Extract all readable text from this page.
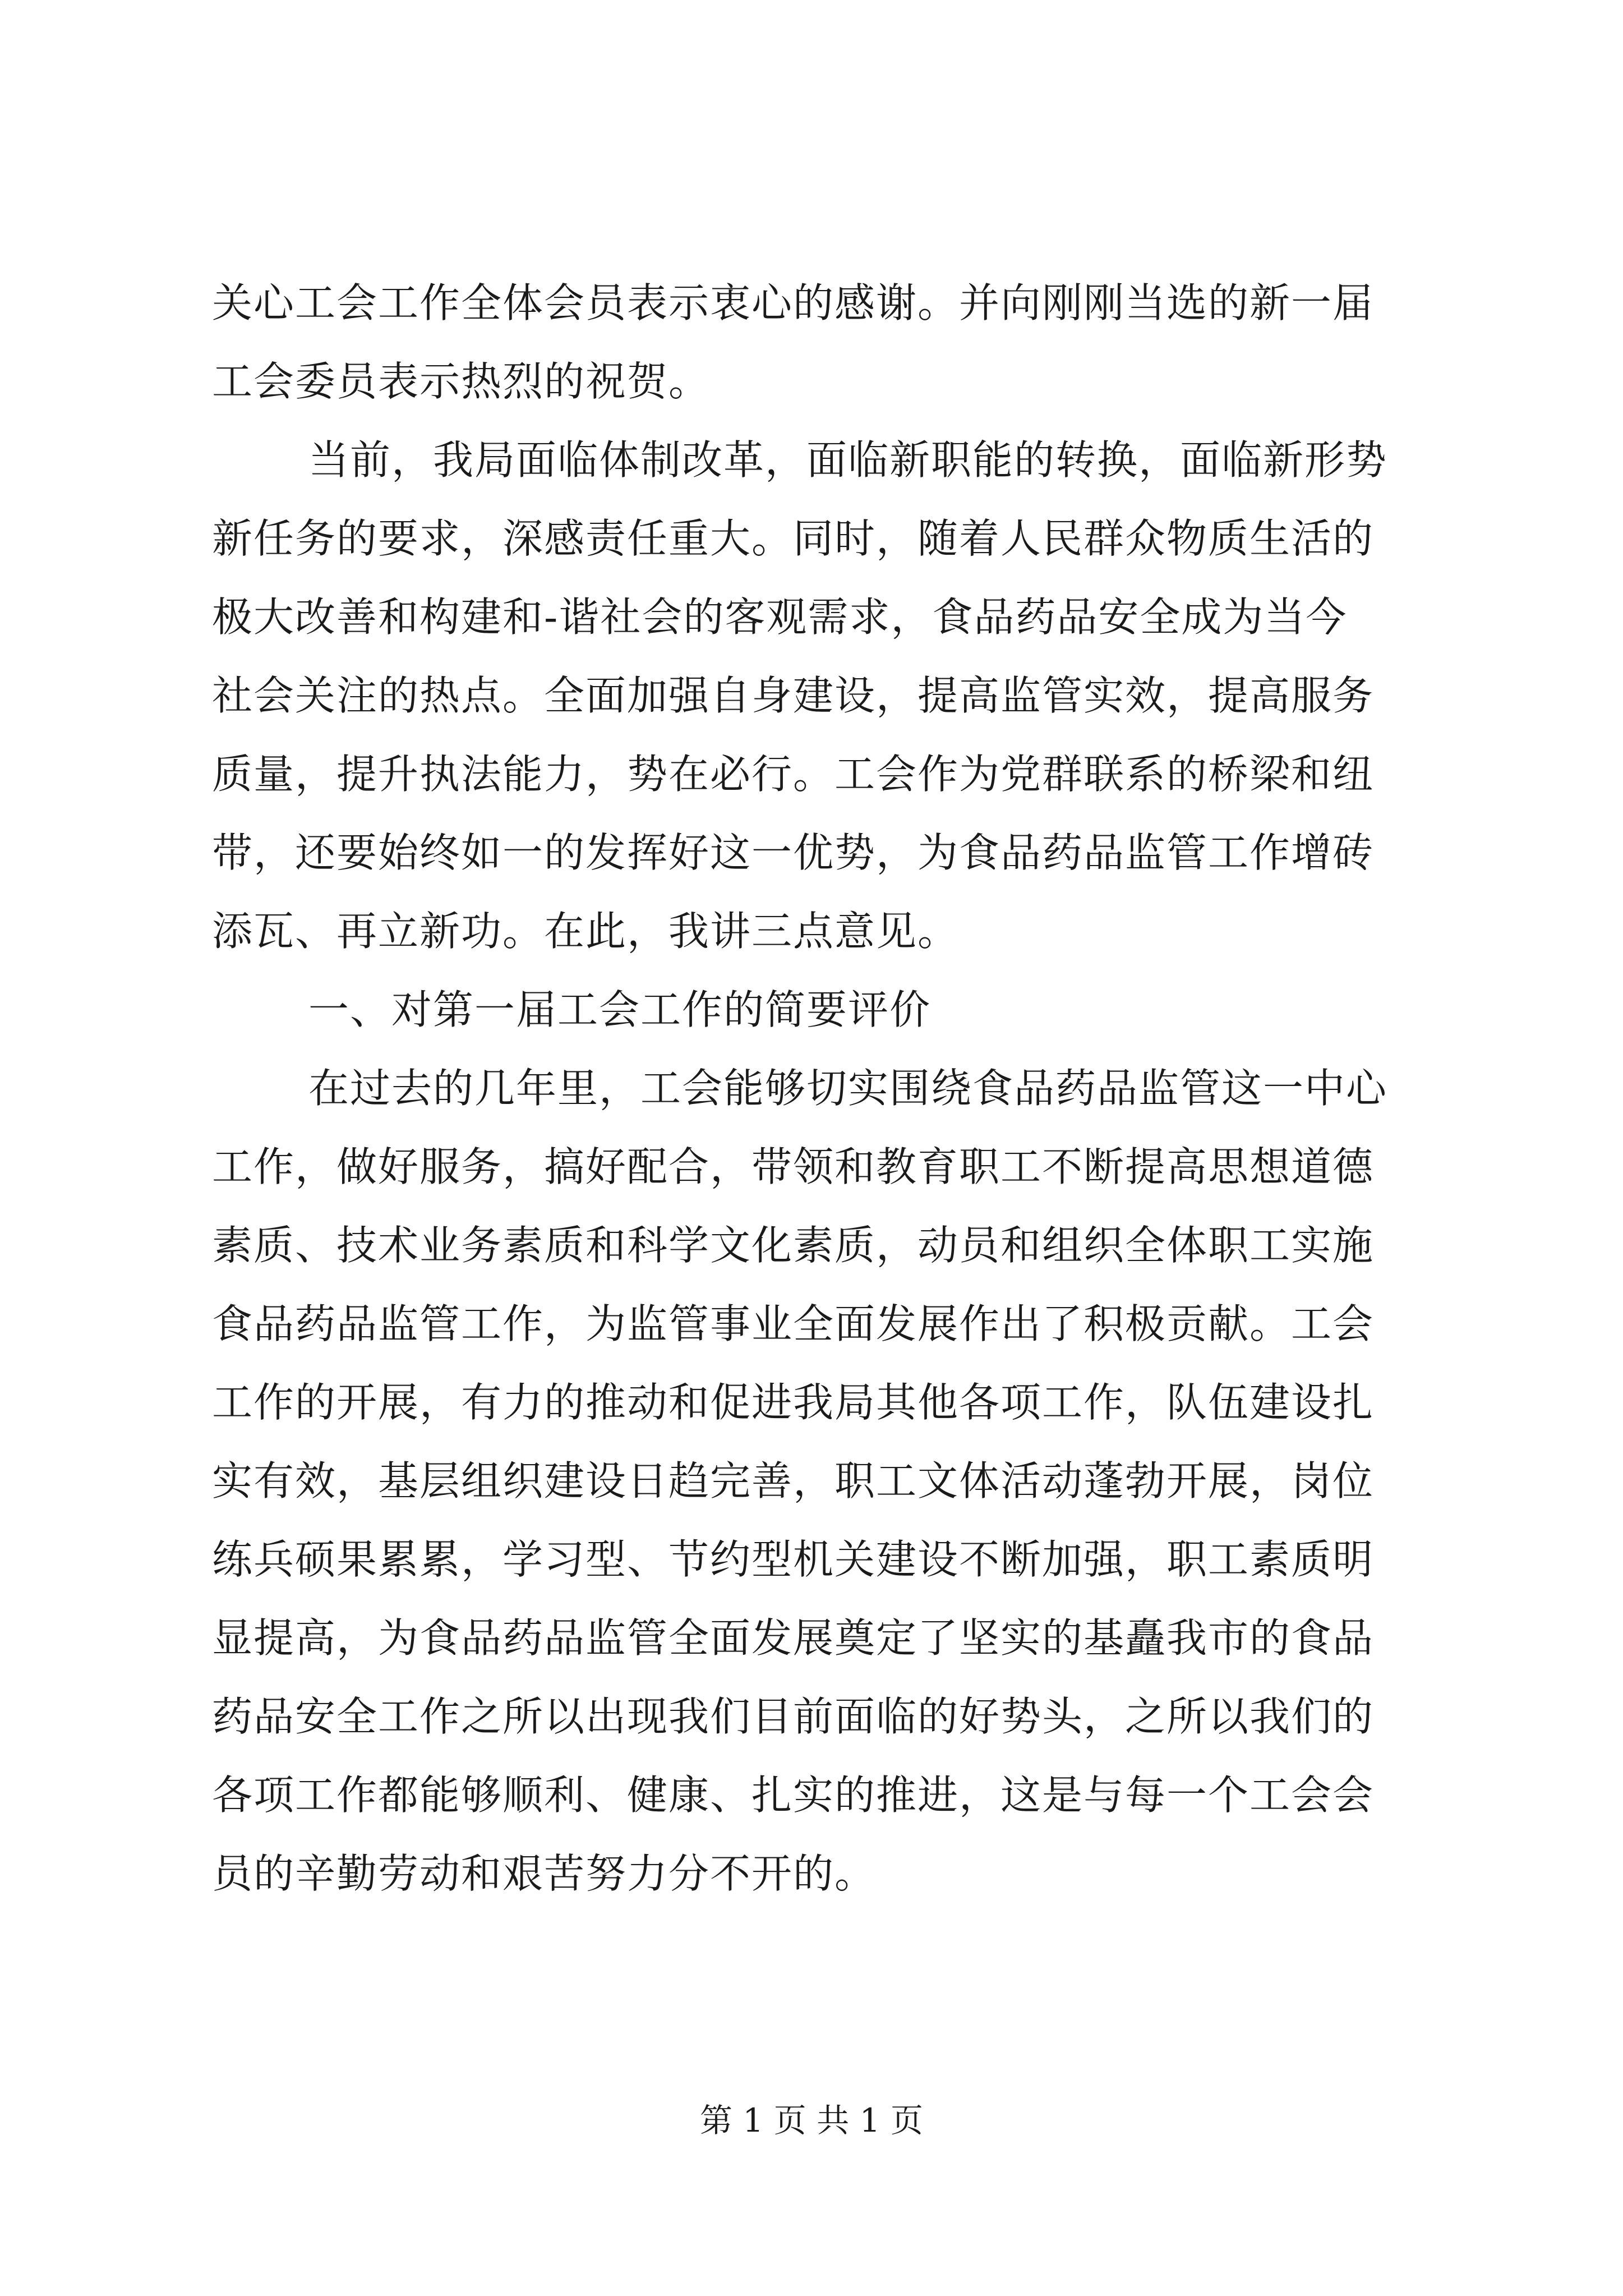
关心工会工作全体会员表示衷心的感谢。并向刚刚当选的新一届
工会委员表示热烈的祝贺。
当前，我局面临体制改革，面临新职能的转换，面临新形势
新任务的要求，深感责任重大。同时，随着人民群众物质生活的
极大改善和构建和-谐社会的客观需求，食品药品安全成为当今
社会关注的热点。全面加强自身建设，提高监管实效，提高服务
质量，提升执法能力，势在必行。工会作为党群联系的桥梁和纽
带，还要始终如一的发挥好这一优势，为食品药品监管工作增砖
添瓦、再立新功。在此，我讲三点意见。
一、对第一届工会工作的简要评价
在过去的几年里，工会能够切实围绕食品药品监管这一中心
工作，做好服务，搞好配合，带领和教育职工不断提高思想道德
素质、技术业务素质和科学文化素质，动员和组织全体职工实施
食品药品监管工作，为监管事业全面发展作出了积极贡献。工会
工作的开展，有力的推动和促进我局其他各项工作，队伍建设扎
实有效，基层组织建设日趋完善，职工文体活动蓬勃开展，岗位
练兵硕果累累，学习型、节约型机关建设不断加强，职工素质明
显提高，为食品药品监管全面发展奠定了坚实的基矗我市的食品
药品安全工作之所以出现我们目前面临的好势头，之所以我们的
各项工作都能够顺利、健康、扎实的推进，这是与每一个工会会
员的辛勤劳动和艰苦努力分不开的。
第 1 页 共 1 页
